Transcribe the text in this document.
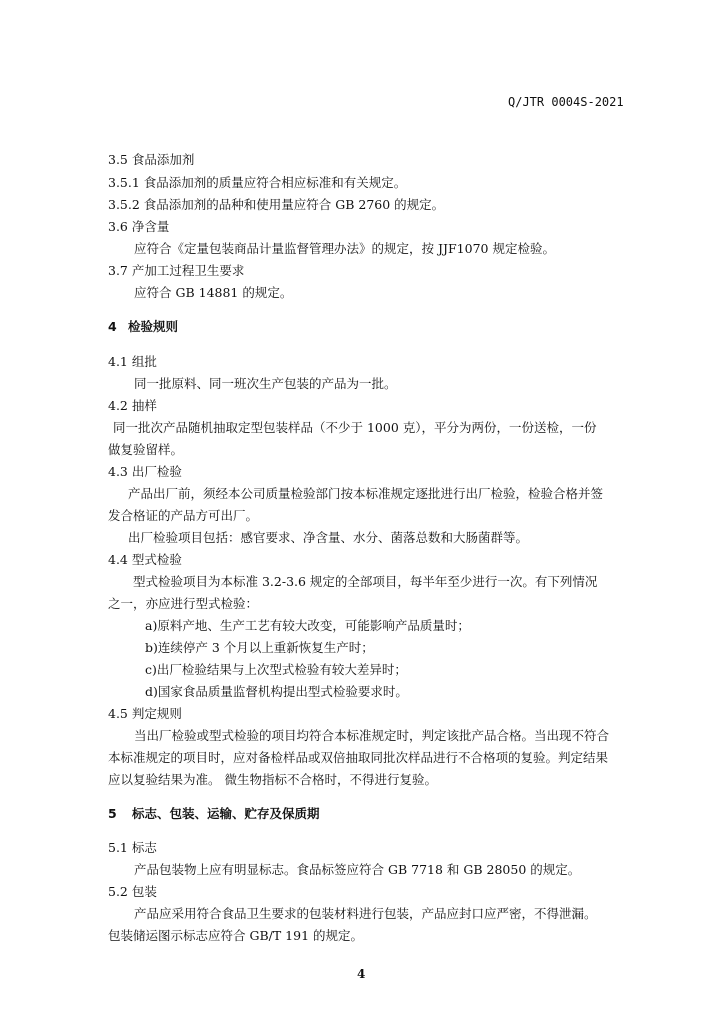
Q/JTR 0004S-2021
3.5 食品添加剂
3.5.1 食品添加剂的质量应符合相应标准和有关规定。
3.5.2 食品添加剂的品种和使用量应符合 GB 2760 的规定。
3.6 净含量
应符合《定量包装商品计量监督管理办法》的规定，按 JJF1070 规定检验。
3.7 产加工过程卫生要求
应符合 GB 14881 的规定。
4 检验规则
4.1 组批
同一批原料、同一班次生产包装的产品为一批。
4.2 抽样
同一批次产品随机抽取定型包装样品（不少于 1000 克），平分为两份，一份送检，一份
做复验留样。
4.3 出厂检验
产品出厂前，须经本公司质量检验部门按本标准规定逐批进行出厂检验，检验合格并签
发合格证的产品方可出厂。
出厂检验项目包括：感官要求、净含量、水分、菌落总数和大肠菌群等。
4.4 型式检验
型式检验项目为本标准 3.2-3.6 规定的全部项目，每半年至少进行一次。有下列情况
之一，亦应进行型式检验：
a)原料产地、生产工艺有较大改变，可能影响产品质量时；
b)连续停产 3 个月以上重新恢复生产时；
c)出厂检验结果与上次型式检验有较大差异时；
d)国家食品质量监督机构提出型式检验要求时。
4.5 判定规则
当出厂检验或型式检验的项目均符合本标准规定时，判定该批产品合格。当出现不符合
本标准规定的项目时，应对备检样品或双倍抽取同批次样品进行不合格项的复验。判定结果
应以复验结果为准。 微生物指标不合格时，不得进行复验。
5 标志、包装、运输、贮存及保质期
5.1 标志
产品包装物上应有明显标志。食品标签应符合 GB 7718 和 GB 28050 的规定。
5.2 包装
产品应采用符合食品卫生要求的包装材料进行包装，产品应封口应严密，不得泄漏。
包装储运图示标志应符合 GB/T 191 的规定。
4
